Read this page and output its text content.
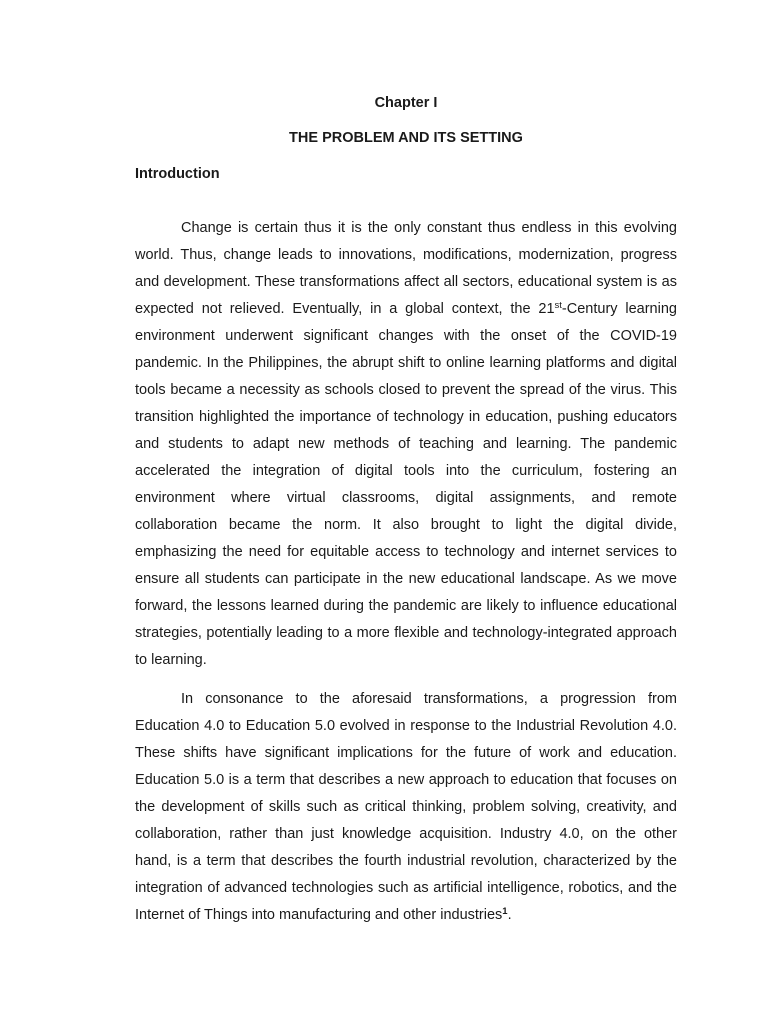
Chapter I
THE PROBLEM AND ITS SETTING
Introduction

Change is certain thus it is the only constant thus endless in this evolving world. Thus, change leads to innovations, modifications, modernization, progress and development. These transformations affect all sectors, educational system is as expected not relieved. Eventually, in a global context, the 21st-Century learning environment underwent significant changes with the onset of the COVID-19 pandemic. In the Philippines, the abrupt shift to online learning platforms and digital tools became a necessity as schools closed to prevent the spread of the virus. This transition highlighted the importance of technology in education, pushing educators and students to adapt new methods of teaching and learning. The pandemic accelerated the integration of digital tools into the curriculum, fostering an environment where virtual classrooms, digital assignments, and remote collaboration became the norm. It also brought to light the digital divide, emphasizing the need for equitable access to technology and internet services to ensure all students can participate in the new educational landscape. As we move forward, the lessons learned during the pandemic are likely to influence educational strategies, potentially leading to a more flexible and technology-integrated approach to learning.

In consonance to the aforesaid transformations, a progression from Education 4.0 to Education 5.0 evolved in response to the Industrial Revolution 4.0. These shifts have significant implications for the future of work and education. Education 5.0 is a term that describes a new approach to education that focuses on the development of skills such as critical thinking, problem solving, creativity, and collaboration, rather than just knowledge acquisition. Industry 4.0, on the other hand, is a term that describes the fourth industrial revolution, characterized by the integration of advanced technologies such as artificial intelligence, robotics, and the Internet of Things into manufacturing and other industries$^1$.
